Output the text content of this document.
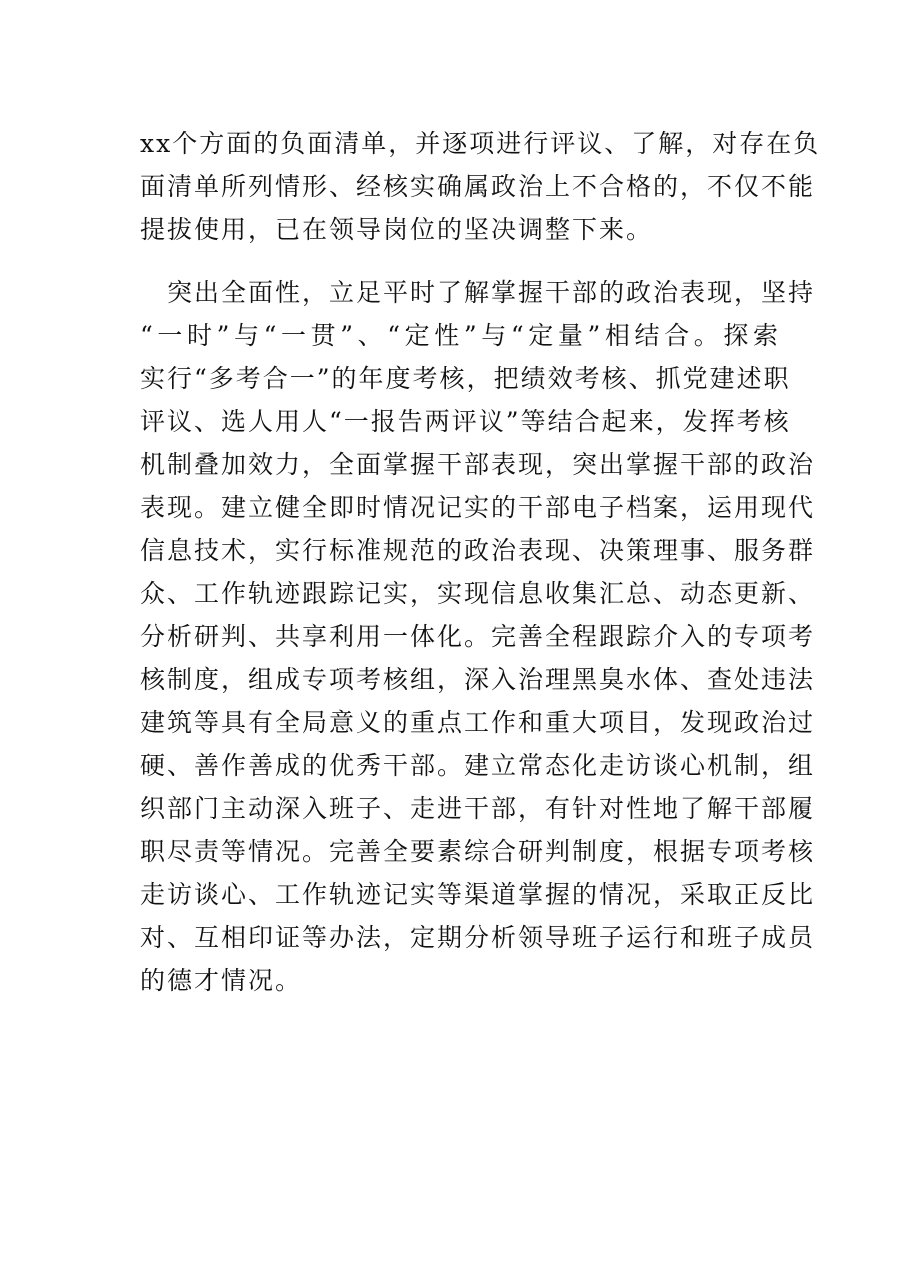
xx个方面的负面清单，并逐项进行评议、了解，对存在负
面清单所列情形、经核实确属政治上不合格的，不仅不能
提拔使用，已在领导岗位的坚决调整下来。
　突出全面性，立足平时了解掌握干部的政治表现，坚持
“一时”与“一贯”、“定性”与“定量”相结合。探索
实行“多考合一”的年度考核，把绩效考核、抓党建述职
评议、选人用人“一报告两评议”等结合起来，发挥考核
机制叠加效力，全面掌握干部表现，突出掌握干部的政治
表现。建立健全即时情况记实的干部电子档案，运用现代
信息技术，实行标准规范的政治表现、决策理事、服务群
众、工作轨迹跟踪记实，实现信息收集汇总、动态更新、
分析研判、共享利用一体化。完善全程跟踪介入的专项考
核制度，组成专项考核组，深入治理黑臭水体、查处违法
建筑等具有全局意义的重点工作和重大项目，发现政治过
硬、善作善成的优秀干部。建立常态化走访谈心机制，组
织部门主动深入班子、走进干部，有针对性地了解干部履
职尽责等情况。完善全要素综合研判制度，根据专项考核
走访谈心、工作轨迹记实等渠道掌握的情况，采取正反比
对、互相印证等办法，定期分析领导班子运行和班子成员
的德才情况。
